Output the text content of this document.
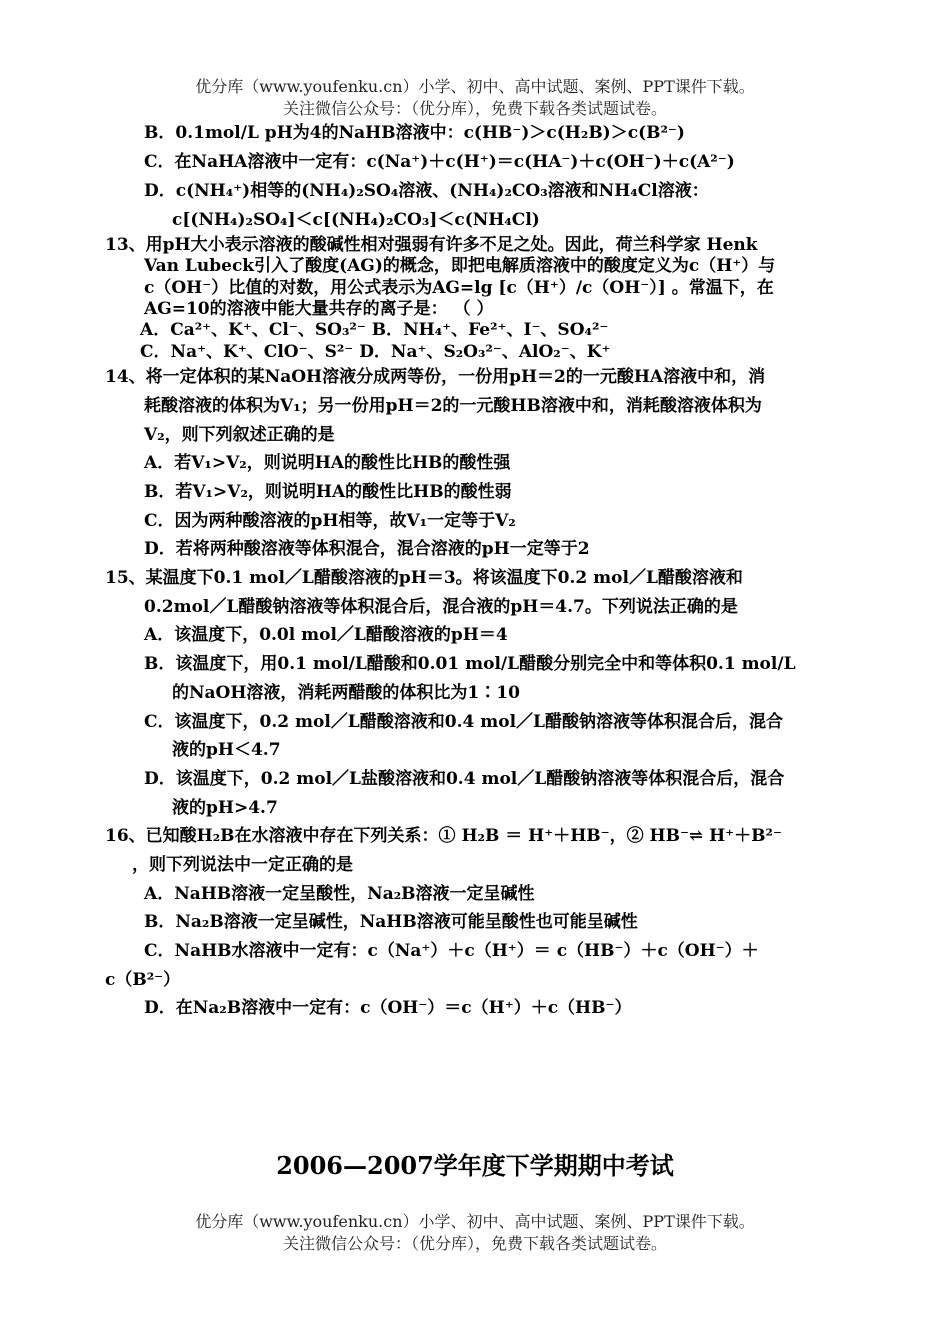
优分库（www.youfenku.cn）小学、初中、高中试题、案例、PPT课件下载。
关注微信公众号：（优分库），免费下载各类试题试卷。
B．0.1mol/L pH为4的NaHB溶液中：c(HB⁻)＞c(H₂B)＞c(B²⁻)
C．在NaHA溶液中一定有：c(Na⁺)＋c(H⁺)＝c(HA⁻)＋c(OH⁻)＋c(A²⁻)
D．c(NH₄⁺)相等的(NH₄)₂SO₄溶液、(NH₄)₂CO₃溶液和NH₄Cl溶液：
c[(NH₄)₂SO₄]＜c[(NH₄)₂CO₃]＜c(NH₄Cl)
13、用pH大小表示溶液的酸碱性相对强弱有许多不足之处。因此，荷兰科学家 Henk
Van Lubeck引入了酸度(AG)的概念，即把电解质溶液中的酸度定义为c（H⁺）与
c（OH⁻）比值的对数，用公式表示为AG=lg [c（H⁺）/c（OH⁻）] 。常温下，在
AG=10的溶液中能大量共存的离子是： （ ）
A．Ca²⁺、K⁺、Cl⁻、SO₃²⁻ B．NH₄⁺、Fe²⁺、I⁻、SO₄²⁻
C．Na⁺、K⁺、ClO⁻、S²⁻ D．Na⁺、S₂O₃²⁻、AlO₂⁻、K⁺
14、将一定体积的某NaOH溶液分成两等份，一份用pH＝2的一元酸HA溶液中和，消
耗酸溶液的体积为V₁；另一份用pH＝2的一元酸HB溶液中和，消耗酸溶液体积为
V₂，则下列叙述正确的是
A．若V₁>V₂，则说明HA的酸性比HB的酸性强
B．若V₁>V₂，则说明HA的酸性比HB的酸性弱
C．因为两种酸溶液的pH相等，故V₁一定等于V₂
D．若将两种酸溶液等体积混合，混合溶液的pH一定等于2
15、某温度下0.1 mol／L醋酸溶液的pH＝3。将该温度下0.2 mol／L醋酸溶液和
0.2mol／L醋酸钠溶液等体积混合后，混合液的pH＝4.7。下列说法正确的是
A．该温度下，0.0l mol／L醋酸溶液的pH＝4
B．该温度下，用0.1 mol/L醋酸和0.01 mol/L醋酸分别完全中和等体积0.1 mol/L
的NaOH溶液，消耗两醋酸的体积比为1∶10
C．该温度下，0.2 mol／L醋酸溶液和0.4 mol／L醋酸钠溶液等体积混合后，混合
液的pH＜4.7
D．该温度下，0.2 mol／L盐酸溶液和0.4 mol／L醋酸钠溶液等体积混合后，混合
液的pH>4.7
16、已知酸H₂B在水溶液中存在下列关系：① H₂B ＝ H⁺＋HB⁻，② HB⁻⇌ H⁺＋B²⁻
，则下列说法中一定正确的是
A．NaHB溶液一定呈酸性，Na₂B溶液一定呈碱性
B．Na₂B溶液一定呈碱性，NaHB溶液可能呈酸性也可能呈碱性
C．NaHB水溶液中一定有：c（Na⁺）＋c（H⁺）＝ c（HB⁻）＋c（OH⁻）＋
c（B²⁻）
D．在Na₂B溶液中一定有：c（OH⁻）＝c（H⁺）＋c（HB⁻）
2006—2007学年度下学期期中考试
优分库（www.youfenku.cn）小学、初中、高中试题、案例、PPT课件下载。
关注微信公众号：（优分库），免费下载各类试题试卷。
